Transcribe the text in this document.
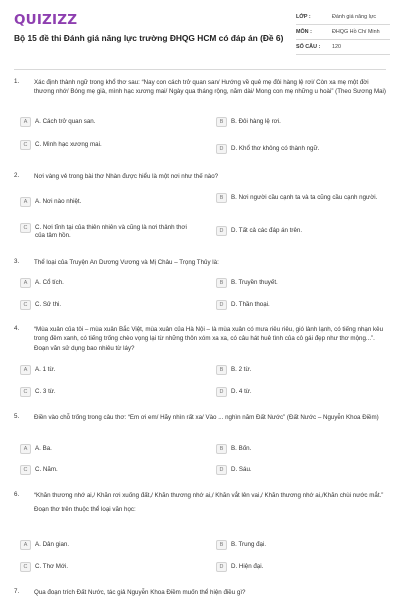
QUIZIZZ
Bộ 15 đề thi Đánh giá năng lực trường ĐHQG HCM có đáp án (Đề 6)
LỚP :	Đánh giá năng lực
MÔN :	ĐHQG Hồ Chí Minh
SỐ CÂU :	120
1.	Xác định thành ngữ trong khổ thơ sau: “Nay con cách trở quan san/ Hướng về quê mẹ đôi hàng lệ rơi/ Còn xa mẹ một đời thương nhớ/ Bóng mẹ già, mình hạc xương mai/ Ngày qua tháng rộng, năm dài/ Mong con mẹ những u hoài” (Theo Sương Mai)
A	A. Cách trở quan san.	B	B. Đôi hàng lệ rơi.
C	C. Mình hạc xương mai.
D	D. Khổ thơ không có thành ngữ.
2.	Nơi vàng vẻ trong bài thơ Nhàn được hiểu là một nơi như thế nào?
A	A. Nơi nào nhiệt.	B	B. Nơi người cầu cạnh ta và ta cũng cầu cạnh người.
C	C. Nơi tĩnh tại của thiên nhiên và cũng là nơi thảnh thơi của tâm hồn.
D	D. Tất cả các đáp án trên.
3.	Thể loại của Truyện An Dương Vương và Mị Châu – Trọng Thủy là:
A	A. Cổ tích.	B	B. Truyền thuyết.
C	C. Sử thi.	D	D. Thần thoại.
4.	“Mùa xuân của tôi – mùa xuân Bắc Việt, mùa xuân của Hà Nội – là mùa xuân có mưa riêu riêu, gió lành lạnh, có tiếng nhạn kêu trong đêm xanh, có tiếng trống chèo vọng lại từ những thôn xóm xa xa, có câu hát huê tình của cô gái đẹp như thơ mộng...”. Đoạn văn sử dụng bao nhiêu từ láy?
A	A. 1 từ.	B	B. 2 từ.
C	C. 3 từ.	D	D. 4 từ.
5.	Điền vào chỗ trống trong câu thơ: “Em ơi em/ Hãy nhìn rất xa/ Vào ... nghìn năm Đất Nước” (Đất Nước – Nguyễn Khoa Điềm)
A	A. Ba.	B	B. Bốn.
C	C. Năm.	D	D. Sáu.
6.	“Khăn thương nhớ ai,/ Khăn rơi xuống đất,/ Khăn thương nhớ ai,/ Khăn vắt lên vai,/ Khăn thương nhớ ai,/Khăn chùi nước mắt.”
Đoạn thơ trên thuộc thể loại văn học:
A	A. Dân gian.	B	B. Trung đại.
C	C. Thơ Mới.	D	D. Hiện đại.
7.	Qua đoạn trích Đất Nước, tác giả Nguyễn Khoa Điềm muốn thể hiện điều gì?
